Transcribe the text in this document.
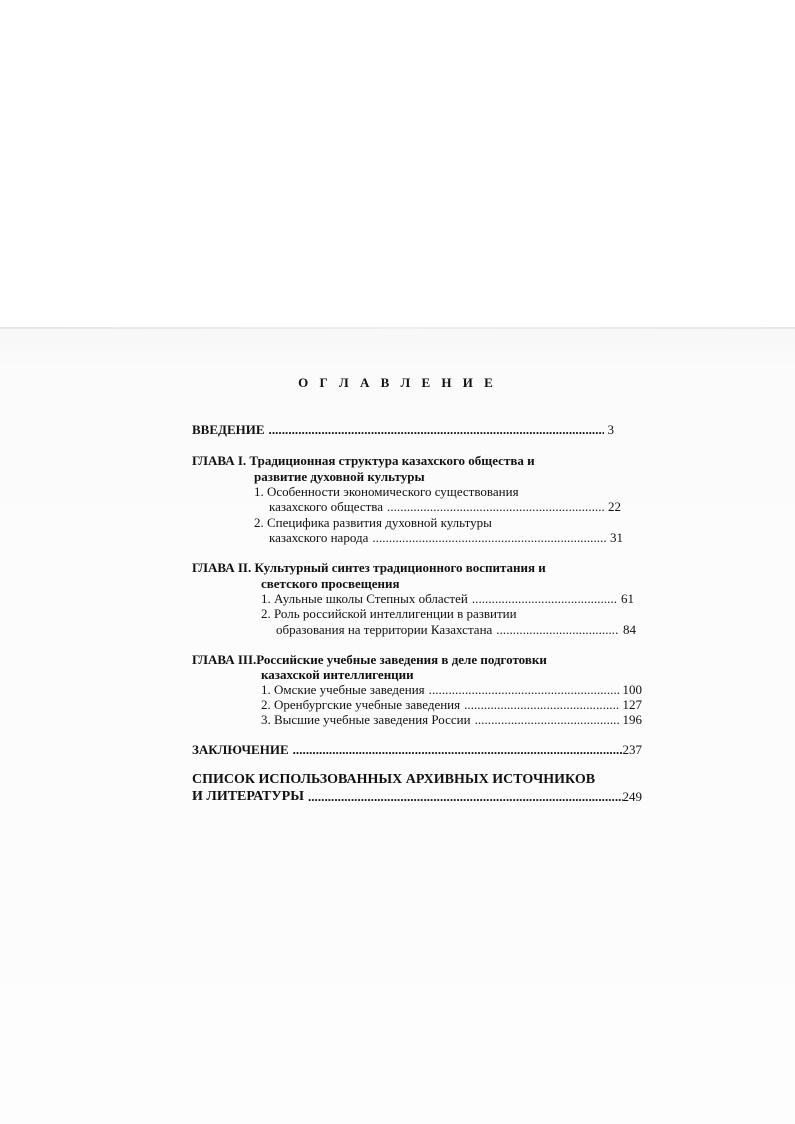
О Г Л А В Л Е Н И Е
ВВЕДЕНИЕ . . .	3
ГЛАВА I. Традиционная структура казахского общества и
развитие духовной культуры
1. Особенности экономического существования
казахского общества . . .	22
2. Специфика развития духовной культуры
казахского народа . . .	31
ГЛАВА II. Культурный синтез традиционного воспитания и
светского просвещения
1. Аульные школы Степных областей . . .	61
2. Роль российской интеллигенции в развитии
образования на территории Казахстана . . .	84
ГЛАВА III.Российские учебные заведения в деле подготовки
казахской интеллигенции
1. Омские учебные заведения . . .	100
2. Оренбургские учебные заведения . . .	127
3. Высшие учебные заведения России . . .	196
ЗАКЛЮЧЕНИЕ . . .	237
СПИСОК ИСПОЛЬЗОВАННЫХ АРХИВНЫХ ИСТОЧНИКОВ
И ЛИТЕРАТУРЫ . . .	249
